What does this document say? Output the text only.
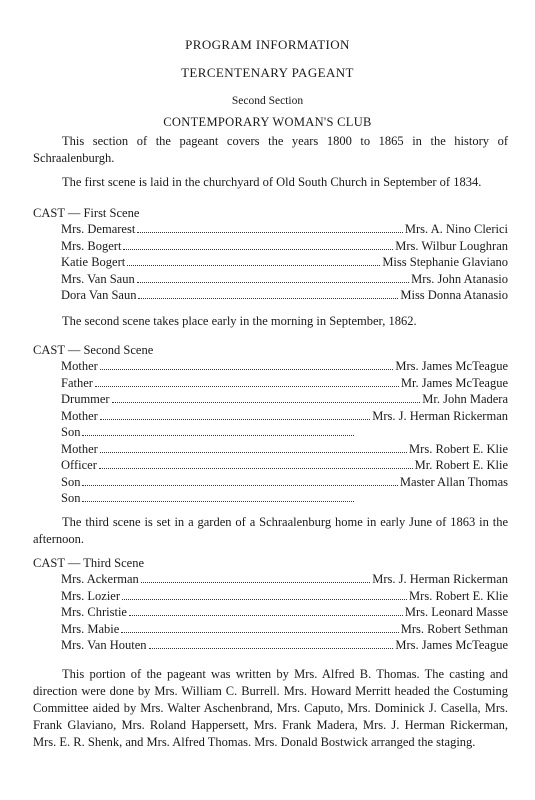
PROGRAM INFORMATION
TERCENTENARY PAGEANT
Second Section
CONTEMPORARY WOMAN'S CLUB
This section of the pageant covers the years 1800 to 1865 in the history of Schraalenburgh.
The first scene is laid in the churchyard of Old South Church in September of 1834.
CAST — First Scene
Mrs. Demarest	Mrs. A. Nino Clerici
Mrs. Bogert	Mrs. Wilbur Loughran
Katie Bogert	Miss Stephanie Glaviano
Mrs. Van Saun	Mrs. John Atanasio
Dora Van Saun	Miss Donna Atanasio
The second scene takes place early in the morning in September, 1862.
CAST — Second Scene
Mother	Mrs. James McTeague
Father	Mr. James McTeague
Drummer	Mr. John Madera
Mother	Mrs. J. Herman Rickerman
Son
Mother	Mrs. Robert E. Klie
Officer	Mr. Robert E. Klie
Son	Master Allan Thomas
Son
The third scene is set in a garden of a Schraalenburg home in early June of 1863 in the afternoon.
CAST — Third Scene
Mrs. Ackerman	Mrs. J. Herman Rickerman
Mrs. Lozier	Mrs. Robert E. Klie
Mrs. Christie	Mrs. Leonard Masse
Mrs. Mabie	Mrs. Robert Sethman
Mrs. Van Houten	Mrs. James McTeague
This portion of the pageant was written by Mrs. Alfred B. Thomas. The casting and direction were done by Mrs. William C. Burrell. Mrs. Howard Merritt headed the Costuming Committee aided by Mrs. Walter Aschenbrand, Mrs. Caputo, Mrs. Dominick J. Casella, Mrs. Frank Glaviano, Mrs. Roland Happersett, Mrs. Frank Madera, Mrs. J. Herman Rickerman, Mrs. E. R. Shenk, and Mrs. Alfred Thomas. Mrs. Donald Bostwick arranged the staging.
